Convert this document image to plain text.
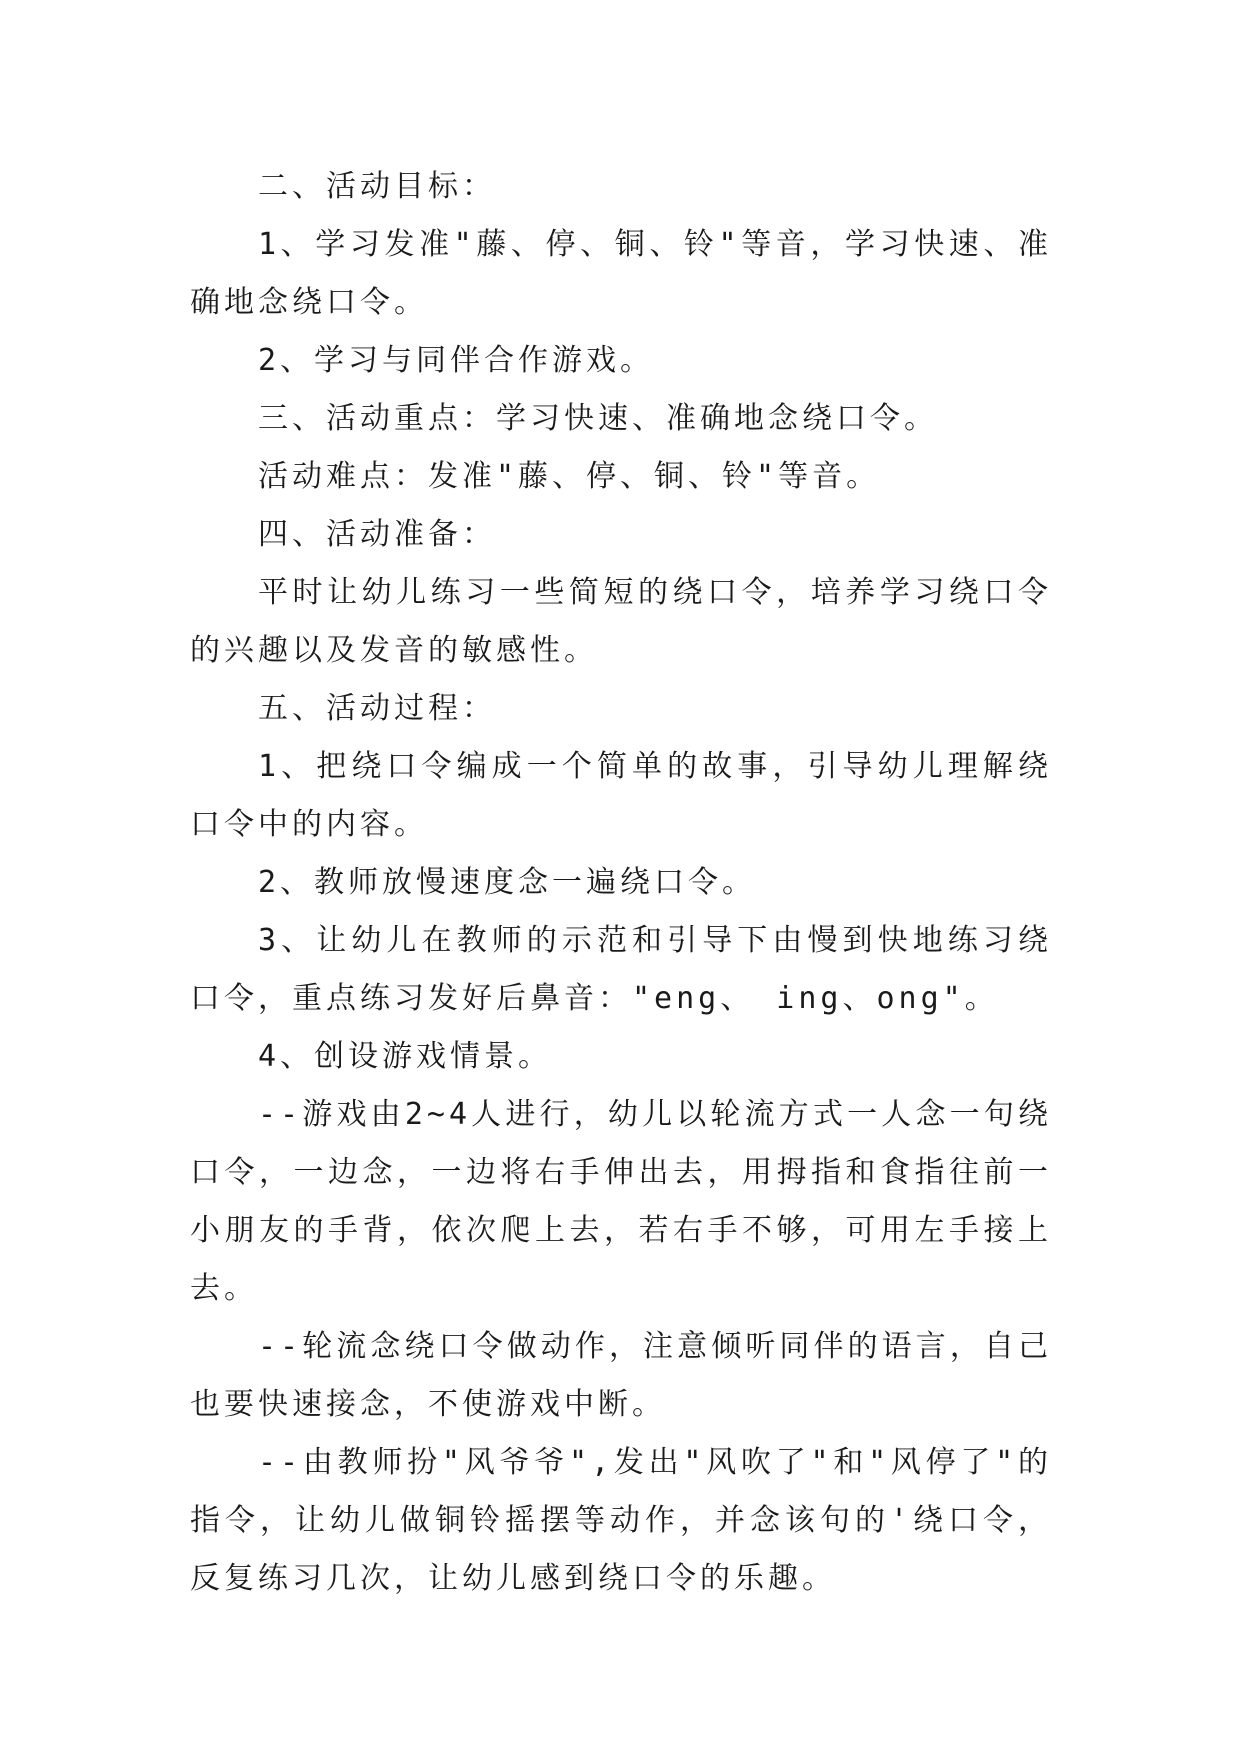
二、活动目标：

1、学习发准"藤、停、铜、铃"等音，学习快速、准确地念绕口令。

2、学习与同伴合作游戏。

三、活动重点：学习快速、准确地念绕口令。

活动难点：发准"藤、停、铜、铃"等音。

四、活动准备：

平时让幼儿练习一些简短的绕口令，培养学习绕口令的兴趣以及发音的敏感性。

五、活动过程：

1、把绕口令编成一个简单的故事，引导幼儿理解绕口令中的内容。

2、教师放慢速度念一遍绕口令。

3、让幼儿在教师的示范和引导下由慢到快地练习绕口令，重点练习发好后鼻音："eng、 ing、ong"。

4、创设游戏情景。

--游戏由2~4人进行，幼儿以轮流方式一人念一句绕口令，一边念，一边将右手伸出去，用拇指和食指往前一小朋友的手背，依次爬上去，若右手不够，可用左手接上去。

--轮流念绕口令做动作，注意倾听同伴的语言，自己也要快速接念，不使游戏中断。

--由教师扮"风爷爷",发出"风吹了"和"风停了"的指令，让幼儿做铜铃摇摆等动作，并念该句的'绕口令，反复练习几次，让幼儿感到绕口令的乐趣。
